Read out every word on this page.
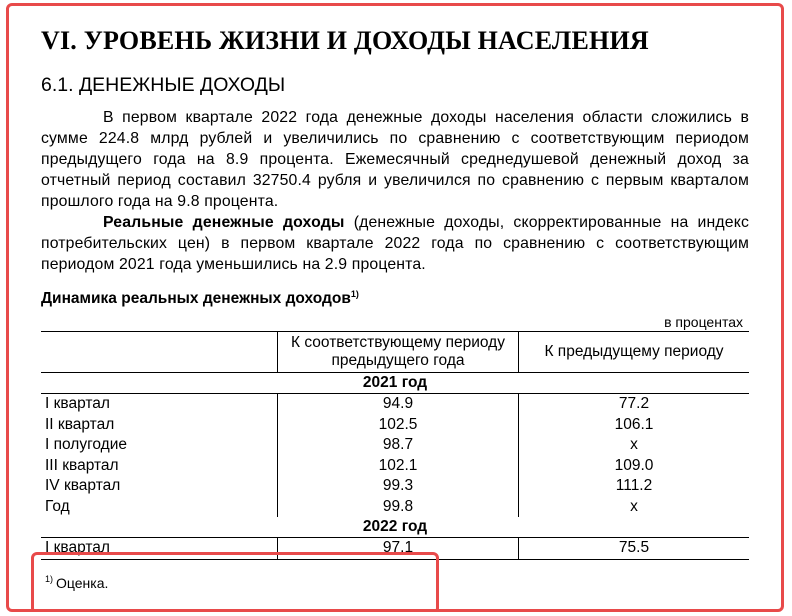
VI. УРОВЕНЬ ЖИЗНИ И ДОХОДЫ НАСЕЛЕНИЯ
6.1. ДЕНЕЖНЫЕ ДОХОДЫ

В первом квартале 2022 года денежные доходы населения области сложились в сумме 224.8 млрд рублей и увеличились по сравнению с соответствующим периодом предыдущего года на 8.9 процента. Ежемесячный среднедушевой денежный доход за отчетный период составил 32750.4 рубля и увеличился по сравнению с первым кварталом прошлого года на 9.8 процента.

Реальные денежные доходы (денежные доходы, скорректированные на индекс потребительских цен) в первом квартале 2022 года по сравнению с соответствующим периодом 2021 года уменьшились на 2.9 процента.

Динамика реальных денежных доходов$^{1)}$
в процентах
	К соответствующему периоду предыдущего года	К предыдущему периоду
2021 год		
I квартал	94.9	77.2
II квартал	102.5	106.1
I полугодие	98.7	x
III квартал	102.1	109.0
IV квартал	99.3	111.2
Год	99.8	x
2022 год		
I квартал	97.1	75.5
$^{1)}$ Оценка.
